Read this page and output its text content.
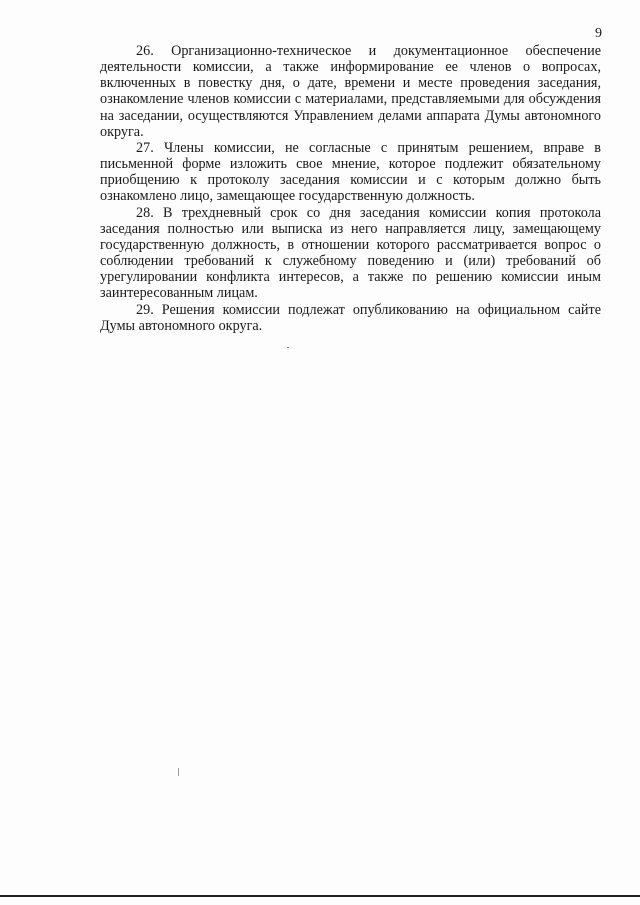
9

26. Организационно-техническое и документационное обеспечение деятельности комиссии, а также информирование ее членов о вопросах, включенных в повестку дня, о дате, времени и месте проведения заседания, ознакомление членов комиссии с материалами, представляемыми для обсуждения на заседании, осуществляются Управлением делами аппарата Думы автономного округа.

27. Члены комиссии, не согласные с принятым решением, вправе в письменной форме изложить свое мнение, которое подлежит обязательному приобщению к протоколу заседания комиссии и с которым должно быть ознакомлено лицо, замещающее государственную должность.

28. В трехдневный срок со дня заседания комиссии копия протокола заседания полностью или выписка из него направляется лицу, замещающему государственную должность, в отношении которого рассматривается вопрос о соблюдении требований к служебному поведению и (или) требований об урегулировании конфликта интересов, а также по решению комиссии иным заинтересованным лицам.

29. Решения комиссии подлежат опубликованию на официальном сайте Думы автономного округа.
